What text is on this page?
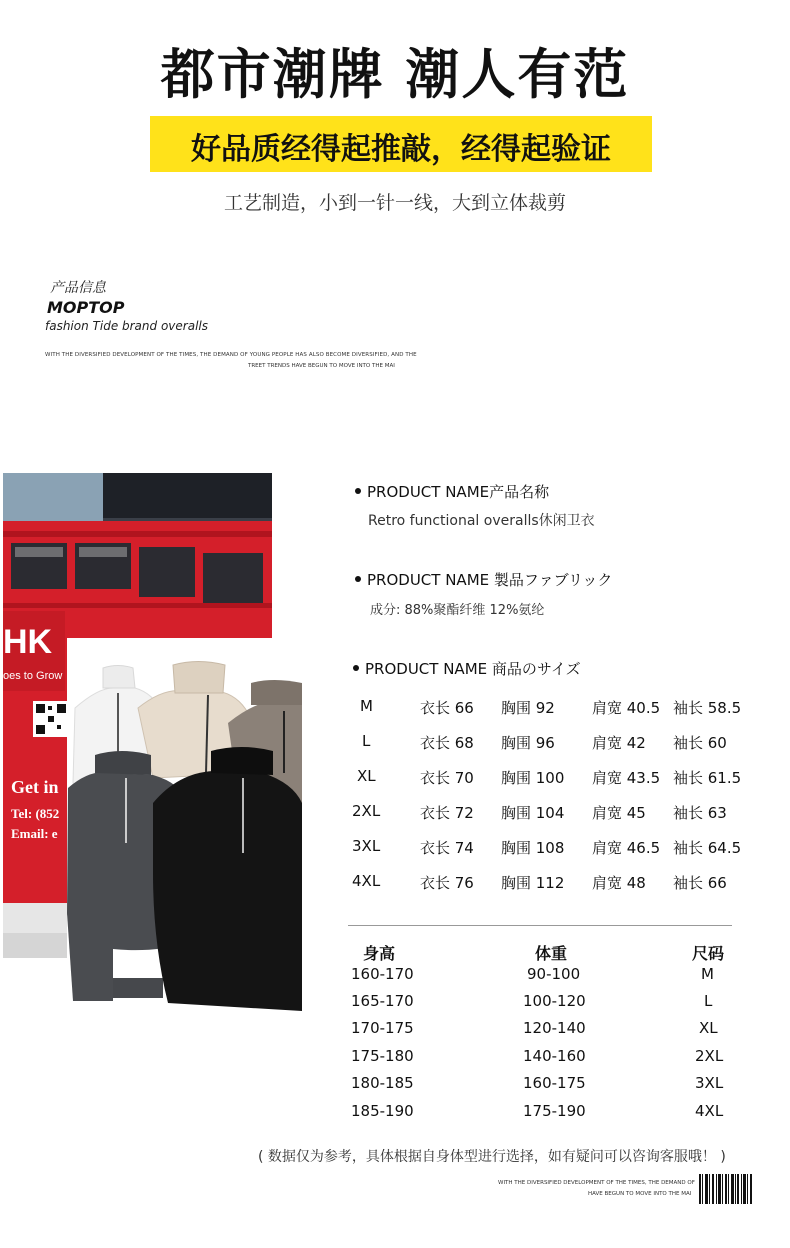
都市潮牌 潮人有范
好品质经得起推敲，经得起验证
工艺制造，小到一针一线，大到立体裁剪
产品信息
MOPTOP
fashion Tide brand overalls
WITH THE DIVERSIFIED DEVELOPMENT OF THE TIMES, THE DEMAND OF YOUNG PEOPLE HAS ALSO BECOME DIVERSIFIED, AND THE
TREET TRENDS HAVE BEGUN TO MOVE INTO THE MAI
HK
oes to Grow
Get in
Tel: (852
Email: e
PRODUCT NAME产品名称
Retro functional overalls休闲卫衣
PRODUCT NAME 製品ファブリック
成分: 88%聚酯纤维 12%氨纶
PRODUCT NAME 商品のサイズ
M	衣长 66 胸围 92 肩宽 40.5 袖长 58.5
L	衣长 68 胸围 96 肩宽 42 袖长 60
XL	衣长 70 胸围 100 肩宽 43.5 袖长 61.5
2XL	衣长 72 胸围 104 肩宽 45 袖长 63
3XL	衣长 74 胸围 108 肩宽 46.5 袖长 64.5
4XL	衣长 76 胸围 112 肩宽 48 袖长 66
身高	体重	尺码
160-170	90-100	M
165-170	100-120	L
170-175	120-140	XL
175-180	140-160	2XL
180-185	160-175	3XL
185-190	175-190	4XL
( 数据仅为参考，具体根据自身体型进行选择，如有疑问可以咨询客服哦！ )
WITH THE DIVERSIFIED DEVELOPMENT OF THE TIMES, THE DEMAND OF
HAVE BEGUN TO MOVE INTO THE MAI
